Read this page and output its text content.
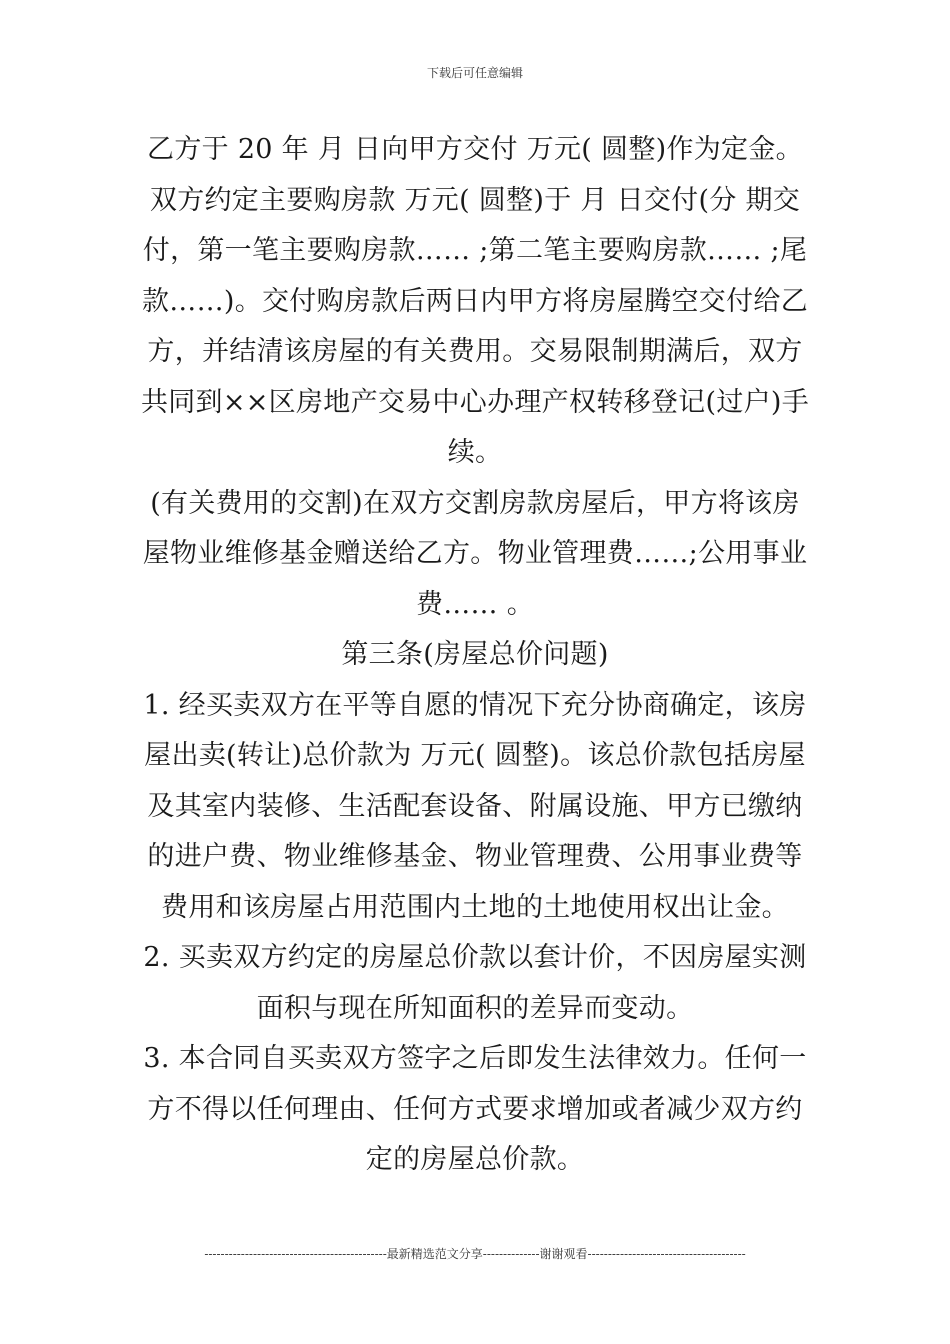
下载后可任意编辑

乙方于 20 年 月 日向甲方交付 万元( 圆整)作为定金。双方约定主要购房款 万元( 圆整)于 月 日交付(分 期交付，第一笔主要购房款…… ;第二笔主要购房款…… ;尾款……)。交付购房款后两日内甲方将房屋腾空交付给乙方，并结清该房屋的有关费用。交易限制期满后，双方共同到××区房地产交易中心办理产权转移登记(过户)手续。

(有关费用的交割)在双方交割房款房屋后，甲方将该房屋物业维修基金赠送给乙方。物业管理费……;公用事业费…… 。

第三条(房屋总价问题)

1. 经买卖双方在平等自愿的情况下充分协商确定，该房屋出卖(转让)总价款为 万元( 圆整)。该总价款包括房屋及其室内装修、生活配套设备、附属设施、甲方已缴纳的进户费、物业维修基金、物业管理费、公用事业费等费用和该房屋占用范围内土地的土地使用权出让金。

2. 买卖双方约定的房屋总价款以套计价，不因房屋实测面积与现在所知面积的差异而变动。

3. 本合同自买卖双方签字之后即发生法律效力。任何一方不得以任何理由、任何方式要求增加或者减少双方约定的房屋总价款。

---------------------------------------------最新精选范文分享--------------谢谢观看---------------------------------------
